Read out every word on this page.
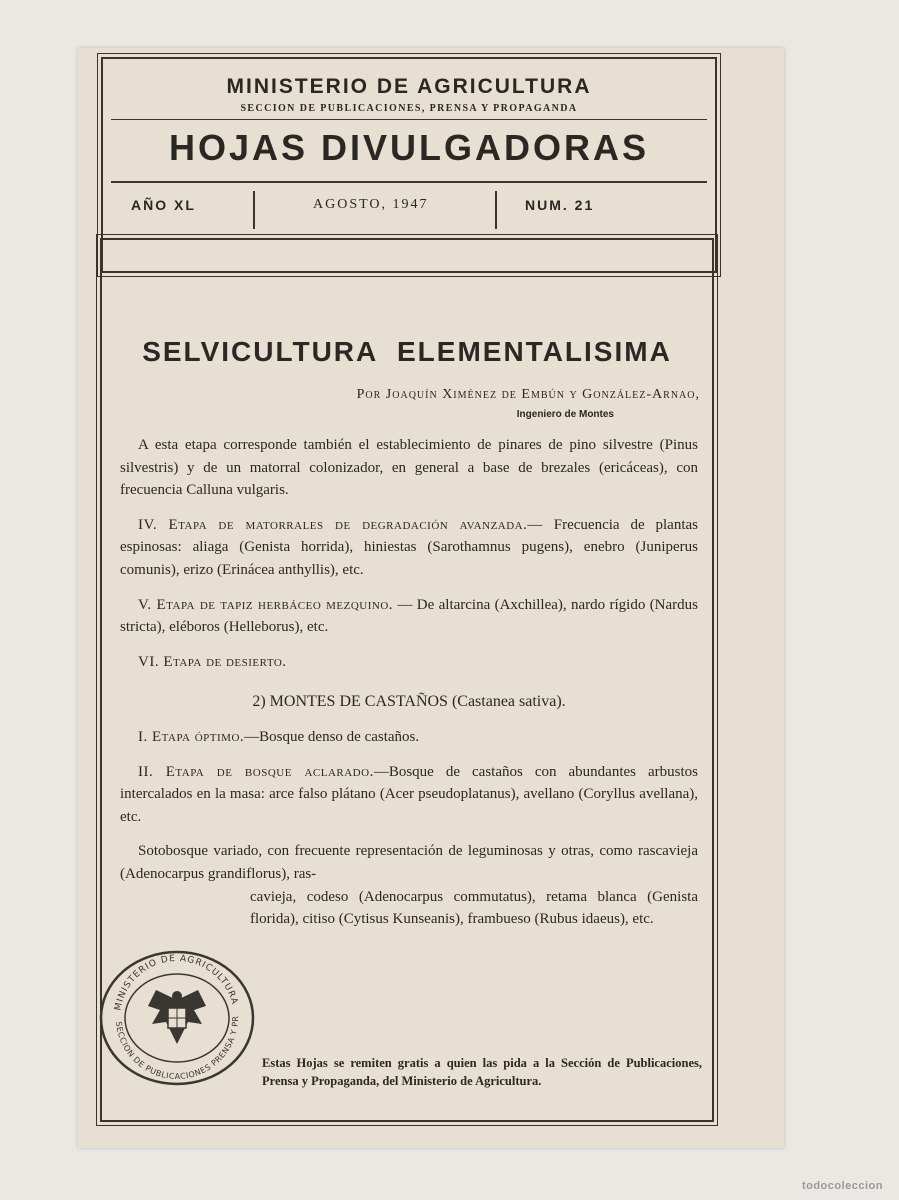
MINISTERIO DE AGRICULTURA
SECCION DE PUBLICACIONES, PRENSA Y PROPAGANDA
HOJAS DIVULGADORAS
AÑO XL	AGOSTO, 1947	NUM. 21
SELVICULTURA ELEMENTALISIMA
Por Joaquín Ximénez de Embún y González-Arnao,
Ingeniero de Montes

A esta etapa corresponde también el establecimiento de pinares de pino silvestre (Pinus silvestris) y de un matorral colonizador, en general a base de brezales (ericáceas), con frecuencia Calluna vulgaris.

IV. Etapa de matorrales de degradación avanzada.— Frecuencia de plantas espinosas: aliaga (Genista horrida), hiniestas (Sarothamnus pugens), enebro (Juniperus comunis), erizo (Erinácea anthyllis), etc.

V. Etapa de tapiz herbáceo mezquino. — De altarcina (Axchillea), nardo rígido (Nardus stricta), eléboros (Helleborus), etc.

VI. Etapa de desierto.

2) MONTES DE CASTAÑOS (Castanea sativa).

I. Etapa óptimo.—Bosque denso de castaños.

II. Etapa de bosque aclarado.—Bosque de castaños con abundantes arbustos intercalados en la masa: arce falso plátano (Acer pseudoplatanus), avellano (Coryllus avellana), etc.

Sotobosque variado, con frecuente representación de leguminosas y otras, como rascavieja (Adenocarpus grandiflorus), ras-

cavieja, codeso (Adenocarpus commutatus), retama blanca (Genista florida), citiso (Cytisus Kunseanis), frambueso (Rubus idaeus), etc.

Estas Hojas se remiten gratis a quien las pida a la Sección de Publicaciones, Prensa y Propaganda, del Ministerio de Agricultura.
MINISTERIO DE AGRICULTURA
SECCION DE PUBLICACIONES PRENSA Y PR
todocoleccion
